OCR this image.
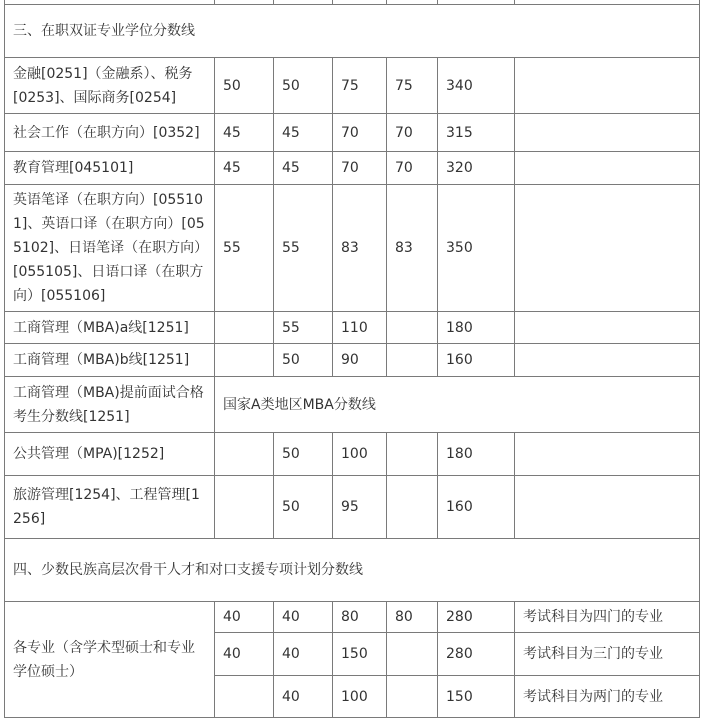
三、在职双证专业学位分数线						
金融[0251]（金融系）、税务[0253]、国际商务[0254]	50	50	75	75	340	
社会工作（在职方向）[0352]	45	45	70	70	315	
教育管理[045101]	45	45	70	70	320	
英语笔译（在职方向）[055101]、英语口译（在职方向）[055102]、日语笔译（在职方向）[055105]、日语口译（在职方向）[055106]	55	55	83	83	350	
工商管理（MBA)a线[1251]		55	110		180	
工商管理（MBA)b线[1251]		50	90		160	
工商管理（MBA)提前面试合格考生分数线[1251]	国家A类地区MBA分数线					
公共管理（MPA)[1252]		50	100		180	
旅游管理[1254]、工程管理[1256]		50	95		160	
四、少数民族高层次骨干人才和对口支援专项计划分数线						
各专业（含学术型硕士和专业学位硕士）	40	40	80	80	280	考试科目为四门的专业
	40	40	150		280	考试科目为三门的专业
		40	100		150	考试科目为两门的专业
